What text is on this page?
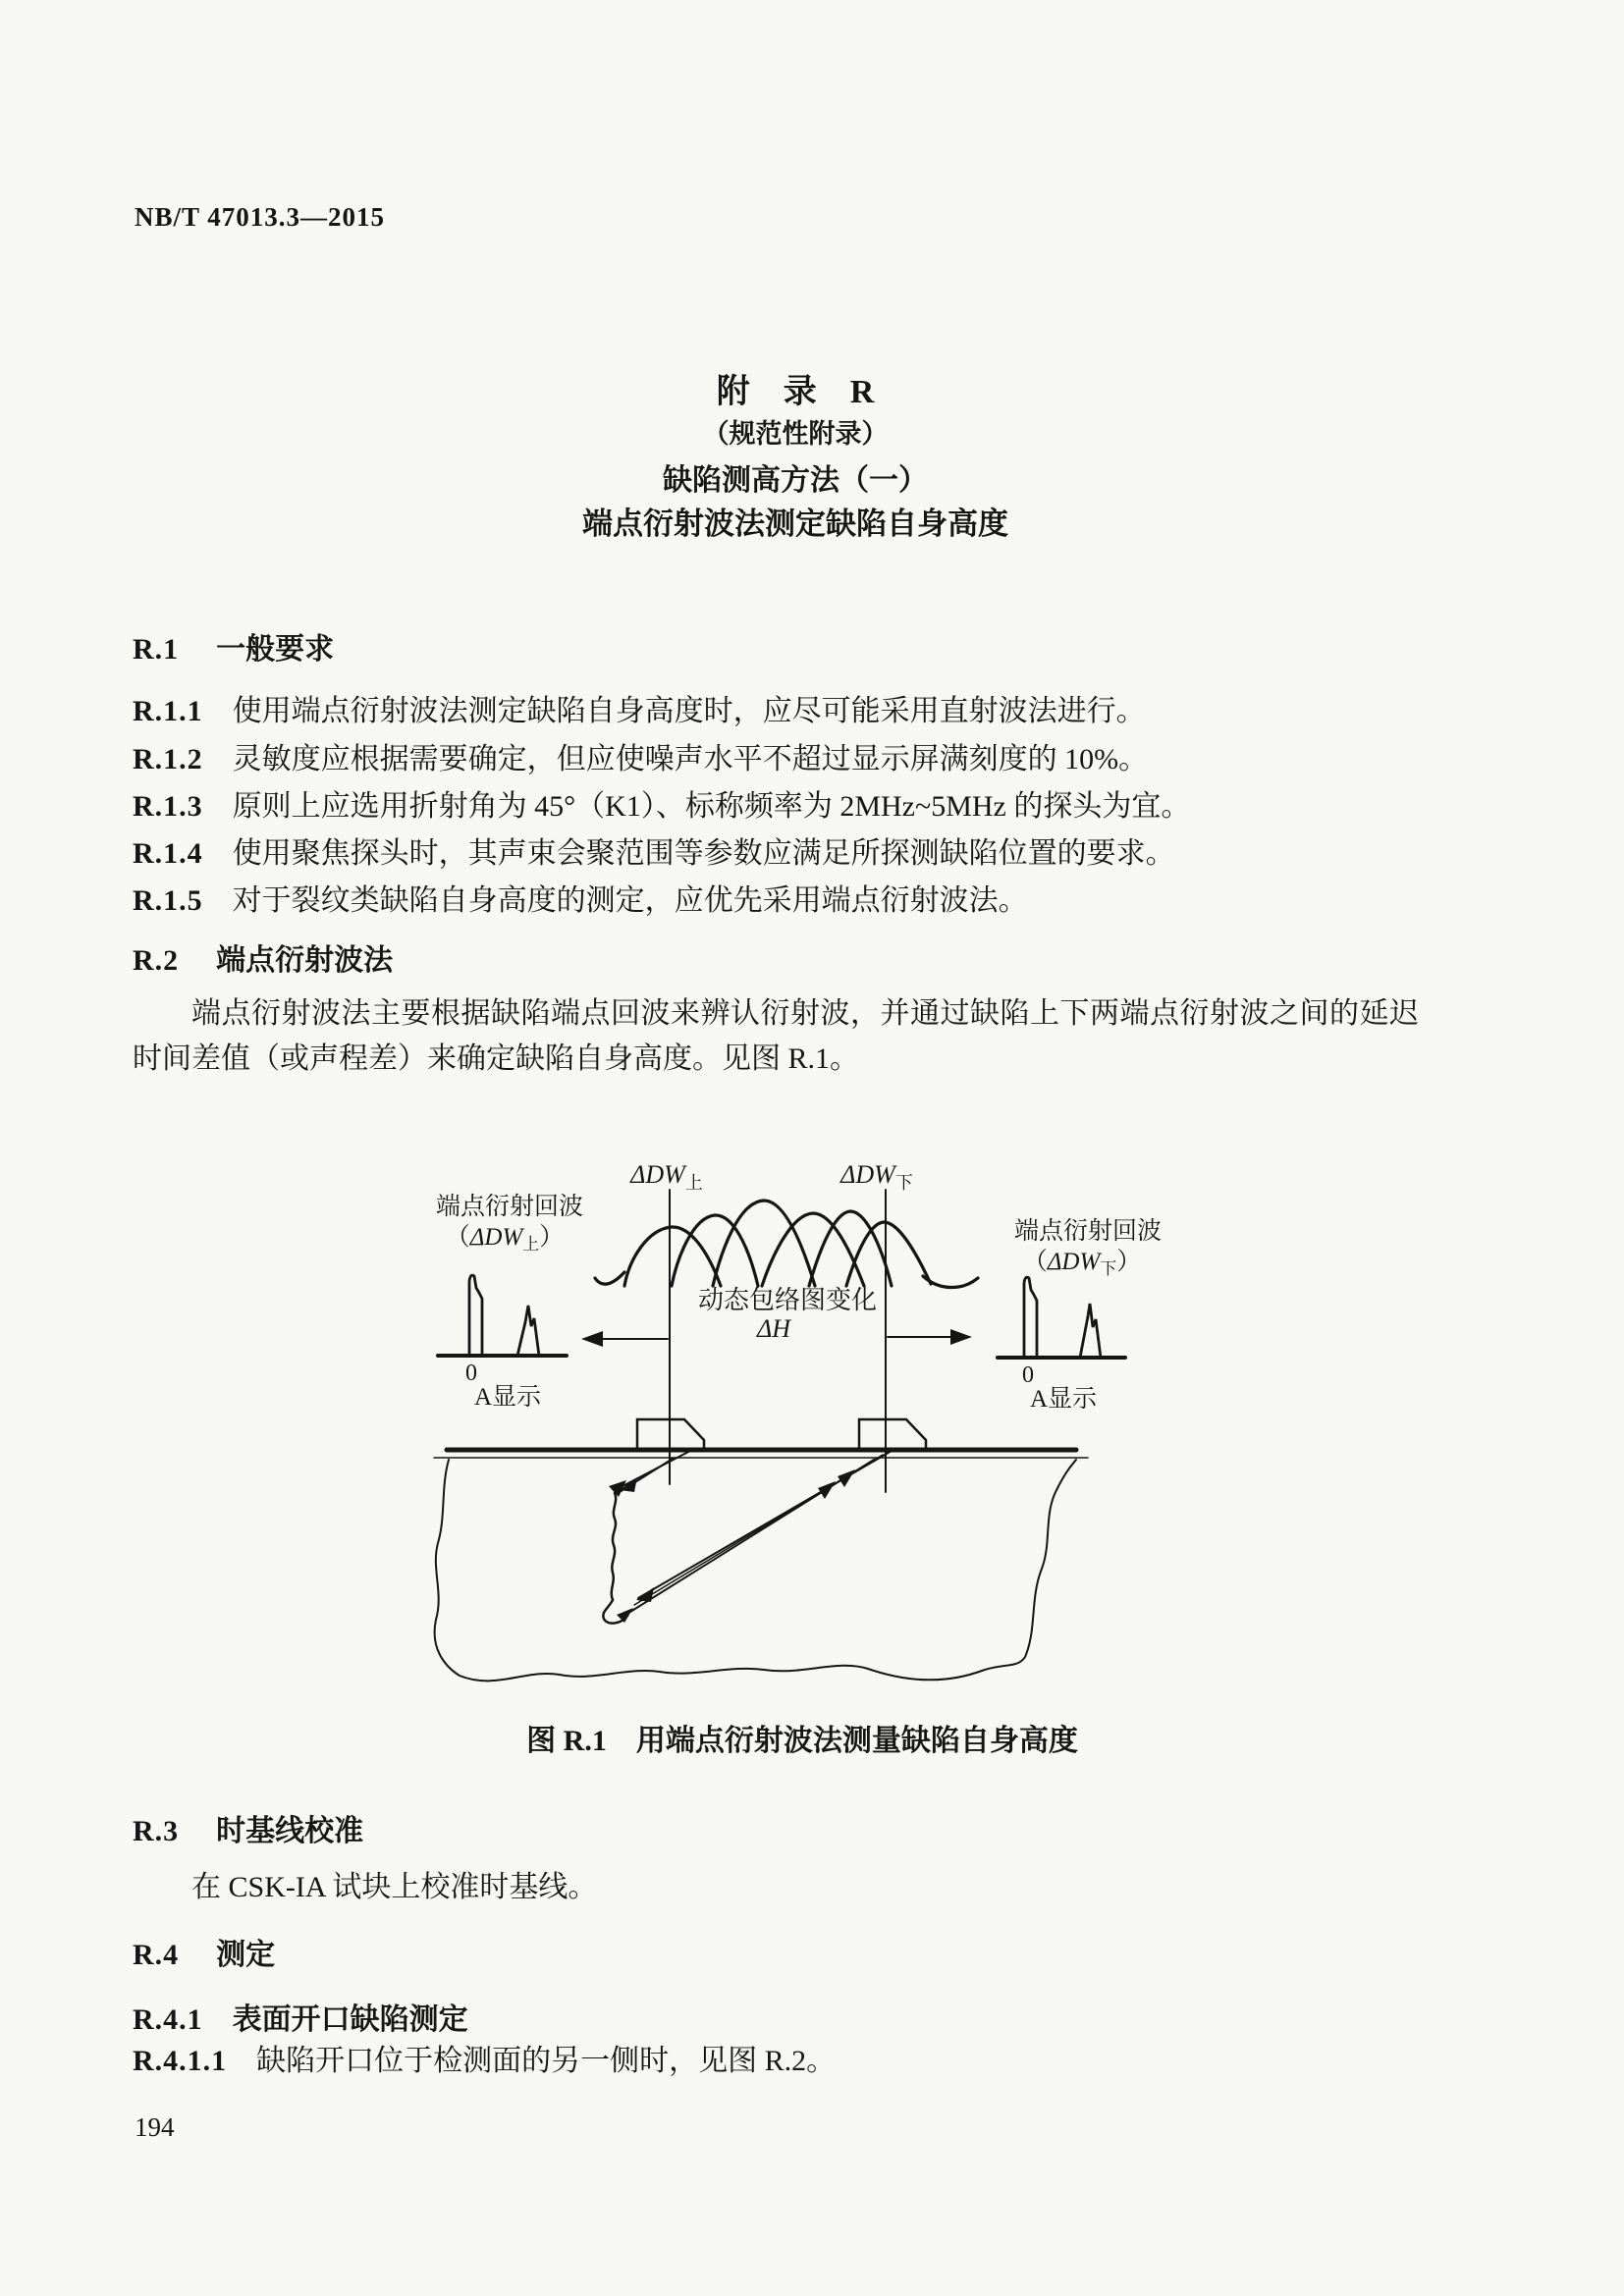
NB/T 47013.3—2015
附　录　R
（规范性附录）
缺陷测高方法（一）
端点衍射波法测定缺陷自身高度
R.1 一般要求
R.1.1 使用端点衍射波法测定缺陷自身高度时，应尽可能采用直射波法进行。
R.1.2 灵敏度应根据需要确定，但应使噪声水平不超过显示屏满刻度的 10%。
R.1.3 原则上应选用折射角为 45°（K1）、标称频率为 2MHz~5MHz 的探头为宜。
R.1.4 使用聚焦探头时，其声束会聚范围等参数应满足所探测缺陷位置的要求。
R.1.5 对于裂纹类缺陷自身高度的测定，应优先采用端点衍射波法。
R.2 端点衍射波法
端点衍射波法主要根据缺陷端点回波来辨认衍射波，并通过缺陷上下两端点衍射波之间的延迟时间差值（或声程差）来确定缺陷自身高度。见图 R.1。
$\Delta DW_上$	$\Delta DW_下$
端点衍射回波
$(\Delta DW_上)$	端点衍射回波
$(\Delta DW_下)$
动态包络图变化
ΔH
0
A显示
0
A显示
图 R.1　用端点衍射波法测量缺陷自身高度
R.3 时基线校准
在 CSK-IA 试块上校准时基线。
R.4 测定
R.4.1 表面开口缺陷测定
R.4.1.1 缺陷开口位于检测面的另一侧时，见图 R.2。
194
